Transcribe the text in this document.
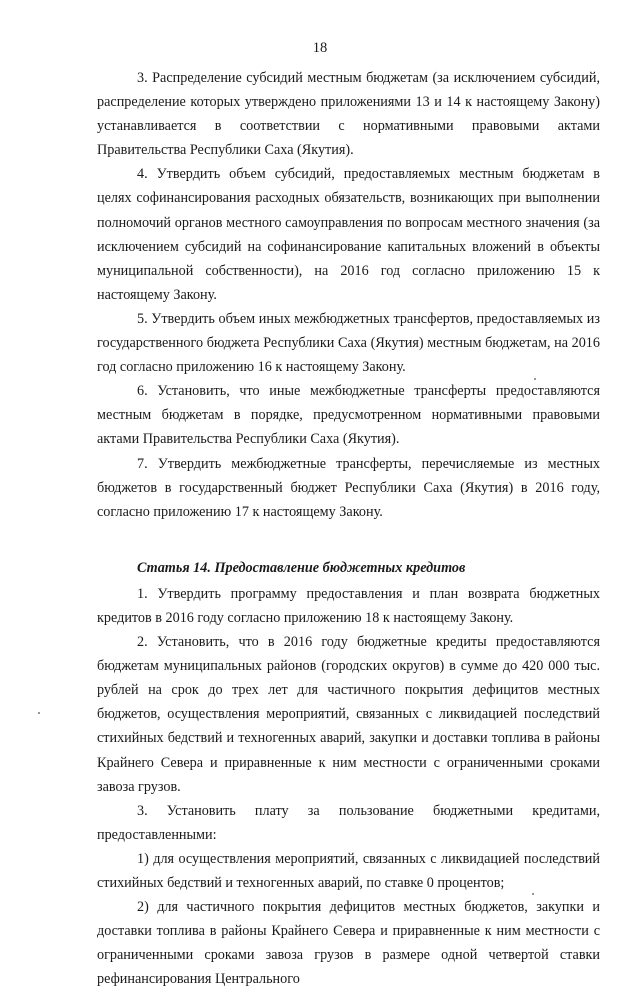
18

3. Распределение субсидий местным бюджетам (за исключением субсидий, распределение которых утверждено приложениями 13 и 14 к настоящему Закону) устанавливается в соответствии с нормативными правовыми актами Правительства Республики Саха (Якутия).

4. Утвердить объем субсидий, предоставляемых местным бюджетам в целях софинансирования расходных обязательств, возникающих при выполнении полномочий органов местного самоуправления по вопросам местного значения (за исключением субсидий на софинансирование капитальных вложений в объекты муниципальной собственности), на 2016 год согласно приложению 15 к настоящему Закону.

5. Утвердить объем иных межбюджетных трансфертов, предоставляемых из государственного бюджета Республики Саха (Якутия) местным бюджетам, на 2016 год согласно приложению 16 к настоящему Закону.

6. Установить, что иные межбюджетные трансферты предоставляются местным бюджетам в порядке, предусмотренном нормативными правовыми актами Правительства Республики Саха (Якутия).

7. Утвердить межбюджетные трансферты, перечисляемые из местных бюджетов в государственный бюджет Республики Саха (Якутия) в 2016 году, согласно приложению 17 к настоящему Закону.

Статья 14. Предоставление бюджетных кредитов

1. Утвердить программу предоставления и план возврата бюджетных кредитов в 2016 году согласно приложению 18 к настоящему Закону.

2. Установить, что в 2016 году бюджетные кредиты предоставляются бюджетам муниципальных районов (городских округов) в сумме до 420 000 тыс. рублей на срок до трех лет для частичного покрытия дефицитов местных бюджетов, осуществления мероприятий, связанных с ликвидацией последствий стихийных бедствий и техногенных аварий, закупки и доставки топлива в районы Крайнего Севера и приравненные к ним местности с ограниченными сроками завоза грузов.

3. Установить плату за пользование бюджетными кредитами, предоставленными:

1) для осуществления мероприятий, связанных с ликвидацией последствий стихийных бедствий и техногенных аварий, по ставке 0 процентов;

2) для частичного покрытия дефицитов местных бюджетов, закупки и доставки топлива в районы Крайнего Севера и приравненные к ним местности с ограниченными сроками завоза грузов в размере одной четвертой ставки рефинансирования Центрального
